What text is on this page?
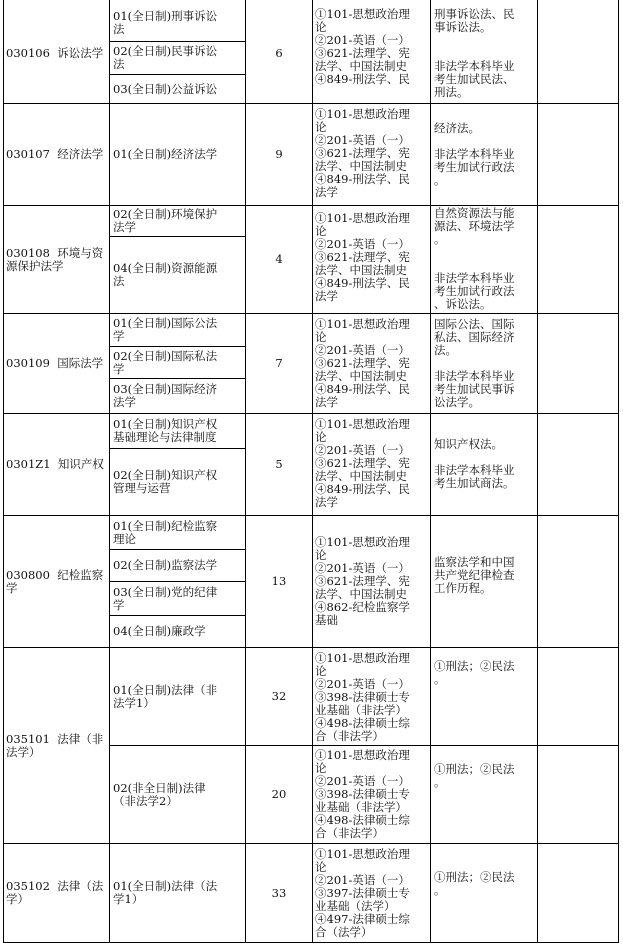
030106  诉讼法学
01(全日制)刑事诉讼
法
02(全日制)民事诉讼
法
03(全日制)公益诉讼
6
①101-思想政治理
论
②201-英语（一）
③621-法理学、宪
法学、中国法制史
④849-刑法学、民
刑事诉讼法、民
事诉讼法。

非法学本科毕业
考生加试民法、
刑法。
030107  经济法学 01(全日制)经济法学	9
①101-思想政治理
论
②201-英语（一）
③621-法理学、宪
法学、中国法制史
④849-刑法学、民
法学
经济法。

非法学本科毕业
考生加试行政法
。
030108  环境与资
源保护法学
02(全日制)环境保护
法学
04(全日制)资源能源
法
4
①101-思想政治理
论
②201-英语（一）
③621-法理学、宪
法学、中国法制史
④849-刑法学、民
法学
自然资源法与能
源法、环境法学
。

非法学本科毕业
考生加试行政法
、诉讼法。
030109  国际法学
01(全日制)国际公法
学
02(全日制)国际私法
学
03(全日制)国际经济
法学
7
①101-思想政治理
论
②201-英语（一）
③621-法理学、宪
法学、中国法制史
④849-刑法学、民
法学
国际公法、国际
私法、国际经济
法。

非法学本科毕业
考生加试民事诉
讼法学。
0301Z1  知识产权
01(全日制)知识产权
基础理论与法律制度
02(全日制)知识产权
管理与运营
5
①101-思想政治理
论
②201-英语（一）
③621-法理学、宪
法学、中国法制史
④849-刑法学、民
法学
知识产权法。

非法学本科毕业
考生加试商法。
030800  纪检监察
学
01(全日制)纪检监察
理论
02(全日制)监察法学
03(全日制)党的纪律
学
04(全日制)廉政学
13
①101-思想政治理
论
②201-英语（一）
③621-法理学、宪
法学、中国法制史
④862-纪检监察学
基础
监察法学和中国
共产党纪律检查
工作历程。
035101  法律（非
法学）
01(全日制)法律（非
法学1）
02(非全日制)法律
（非法学2）
32
20
①101-思想政治理
论
②201-英语（一）
③398-法律硕士专
业基础（非法学）
④498-法律硕士综
合（非法学）
①101-思想政治理
论
②201-英语（一）
③398-法律硕士专
业基础（非法学）
④498-法律硕士综
合（非法学）
①刑法；②民法
。
①刑法；②民法
。
035102  法律（法
学）
01(全日制)法律（法
学1）	33
①101-思想政治理
论
②201-英语（一）
③397-法律硕士专
业基础（法学）
④497-法律硕士综
合（法学）
①刑法；②民法
。
